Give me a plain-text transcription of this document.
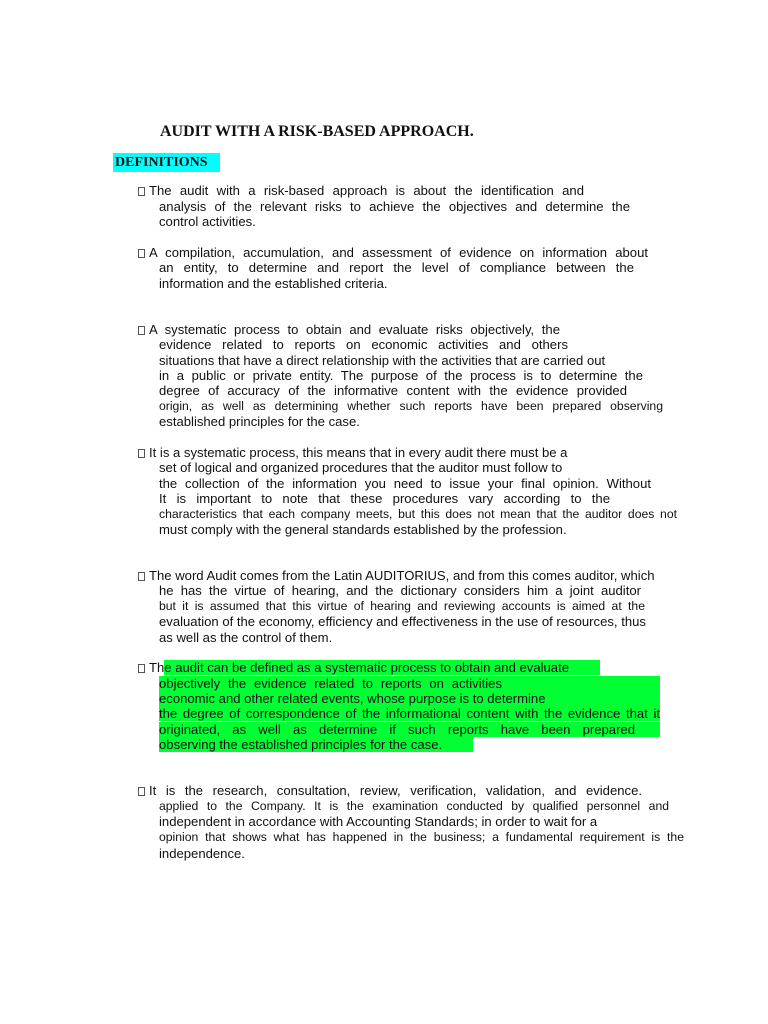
AUDIT WITH A RISK-BASED APPROACH.
DEFINITIONS
The audit with a risk-based approach is about the identification and
analysis of the relevant risks to achieve the objectives and determine the
control activities.
A compilation, accumulation, and assessment of evidence on information about
an entity, to determine and report the level of compliance between the
information and the established criteria.
A systematic process to obtain and evaluate risks objectively, the
evidence related to reports on economic activities and others
situations that have a direct relationship with the activities that are carried out
in a public or private entity. The purpose of the process is to determine the
degree of accuracy of the informative content with the evidence provided
origin, as well as determining whether such reports have been prepared observing
established principles for the case.
It is a systematic process, this means that in every audit there must be a
set of logical and organized procedures that the auditor must follow to
the collection of the information you need to issue your final opinion. Without
It is important to note that these procedures vary according to the
characteristics that each company meets, but this does not mean that the auditor does not
must comply with the general standards established by the profession.
The word Audit comes from the Latin AUDITORIUS, and from this comes auditor, which
he has the virtue of hearing, and the dictionary considers him a joint auditor
but it is assumed that this virtue of hearing and reviewing accounts is aimed at the
evaluation of the economy, efficiency and effectiveness in the use of resources, thus
as well as the control of them.
The audit can be defined as a systematic process to obtain and evaluate
objectively the evidence related to reports on activities
economic and other related events, whose purpose is to determine
the degree of correspondence of the informational content with the evidence that it
originated, as well as determine if such reports have been prepared
observing the established principles for the case.
It is the research, consultation, review, verification, validation, and evidence.
applied to the Company. It is the examination conducted by qualified personnel and
independent in accordance with Accounting Standards; in order to wait for a
opinion that shows what has happened in the business; a fundamental requirement is the
independence.
